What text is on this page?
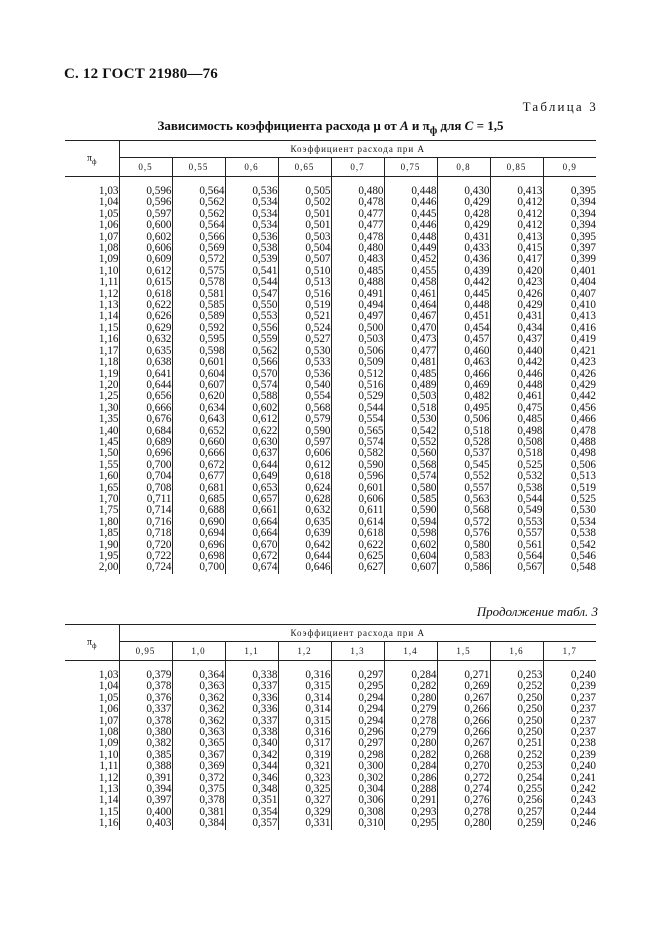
С. 12 ГОСТ 21980—76
Таблица 3
Зависимость коэффициента расхода μ от A и $\pi_ф$ для C = 1,5
$\pi_ф$	Коэффициент расхода при A								
	0,5	0,55	0,6	0,65	0,7	0,75	0,8	0,85	0,9

1,03	0,596	0,564	0,536	0,505	0,480	0,448	0,430	0,413	0,395
1,04	0,596	0,562	0,534	0,502	0,478	0,446	0,429	0,412	0,394
1,05	0,597	0,562	0,534	0,501	0,477	0,445	0,428	0,412	0,394
1,06	0,600	0,564	0,534	0,501	0,477	0,446	0,429	0,412	0,394
1,07	0,602	0,566	0,536	0,503	0,478	0,448	0,431	0,413	0,395
1,08	0,606	0,569	0,538	0,504	0,480	0,449	0,433	0,415	0,397
1,09	0,609	0,572	0,539	0,507	0,483	0,452	0,436	0,417	0,399
1,10	0,612	0,575	0,541	0,510	0,485	0,455	0,439	0,420	0,401
1,11	0,615	0,578	0,544	0,513	0,488	0,458	0,442	0,423	0,404
1,12	0,618	0,581	0,547	0,516	0,491	0,461	0,445	0,426	0,407
1,13	0,622	0,585	0,550	0,519	0,494	0,464	0,448	0,429	0,410
1,14	0,626	0,589	0,553	0,521	0,497	0,467	0,451	0,431	0,413
1,15	0,629	0,592	0,556	0,524	0,500	0,470	0,454	0,434	0,416
1,16	0,632	0,595	0,559	0,527	0,503	0,473	0,457	0,437	0,419
1,17	0,635	0,598	0,562	0,530	0,506	0,477	0,460	0,440	0,421
1,18	0,638	0,601	0,566	0,533	0,509	0,481	0,463	0,442	0,423
1,19	0,641	0,604	0,570	0,536	0,512	0,485	0,466	0,446	0,426
1,20	0,644	0,607	0,574	0,540	0,516	0,489	0,469	0,448	0,429
1,25	0,656	0,620	0,588	0,554	0,529	0,503	0,482	0,461	0,442
1,30	0,666	0,634	0,602	0,568	0,544	0,518	0,495	0,475	0,456
1,35	0,676	0,643	0,612	0,579	0,554	0,530	0,506	0,485	0,466
1,40	0,684	0,652	0,622	0,590	0,565	0,542	0,518	0,498	0,478
1,45	0,689	0,660	0,630	0,597	0,574	0,552	0,528	0,508	0,488
1,50	0,696	0,666	0,637	0,606	0,582	0,560	0,537	0,518	0,498
1,55	0,700	0,672	0,644	0,612	0,590	0,568	0,545	0,525	0,506
1,60	0,704	0,677	0,649	0,618	0,596	0,574	0,552	0,532	0,513
1,65	0,708	0,681	0,653	0,624	0,601	0,580	0,557	0,538	0,519
1,70	0,711	0,685	0,657	0,628	0,606	0,585	0,563	0,544	0,525
1,75	0,714	0,688	0,661	0,632	0,611	0,590	0,568	0,549	0,530
1,80	0,716	0,690	0,664	0,635	0,614	0,594	0,572	0,553	0,534
1,85	0,718	0,694	0,664	0,639	0,618	0,598	0,576	0,557	0,538
1,90	0,720	0,696	0,670	0,642	0,622	0,602	0,580	0,561	0,542
1,95	0,722	0,698	0,672	0,644	0,625	0,604	0,583	0,564	0,546
2,00	0,724	0,700	0,674	0,646	0,627	0,607	0,586	0,567	0,548
Продолжение табл. 3
$\pi_ф$	Коэффициент расхода при A								
	0,95	1,0	1,1	1,2	1,3	1,4	1,5	1,6	1,7

1,03	0,379	0,364	0,338	0,316	0,297	0,284	0,271	0,253	0,240
1,04	0,378	0,363	0,337	0,315	0,295	0,282	0,269	0,252	0,239
1,05	0,376	0,362	0,336	0,314	0,294	0,280	0,267	0,250	0,237
1,06	0,337	0,362	0,336	0,314	0,294	0,279	0,266	0,250	0,237
1,07	0,378	0,362	0,337	0,315	0,294	0,278	0,266	0,250	0,237
1,08	0,380	0,363	0,338	0,316	0,296	0,279	0,266	0,250	0,237
1,09	0,382	0,365	0,340	0,317	0,297	0,280	0,267	0,251	0,238
1,10	0,385	0,367	0,342	0,319	0,298	0,282	0,268	0,252	0,239
1,11	0,388	0,369	0,344	0,321	0,300	0,284	0,270	0,253	0,240
1,12	0,391	0,372	0,346	0,323	0,302	0,286	0,272	0,254	0,241
1,13	0,394	0,375	0,348	0,325	0,304	0,288	0,274	0,255	0,242
1,14	0,397	0,378	0,351	0,327	0,306	0,291	0,276	0,256	0,243
1,15	0,400	0,381	0,354	0,329	0,308	0,293	0,278	0,257	0,244
1,16	0,403	0,384	0,357	0,331	0,310	0,295	0,280	0,259	0,246
